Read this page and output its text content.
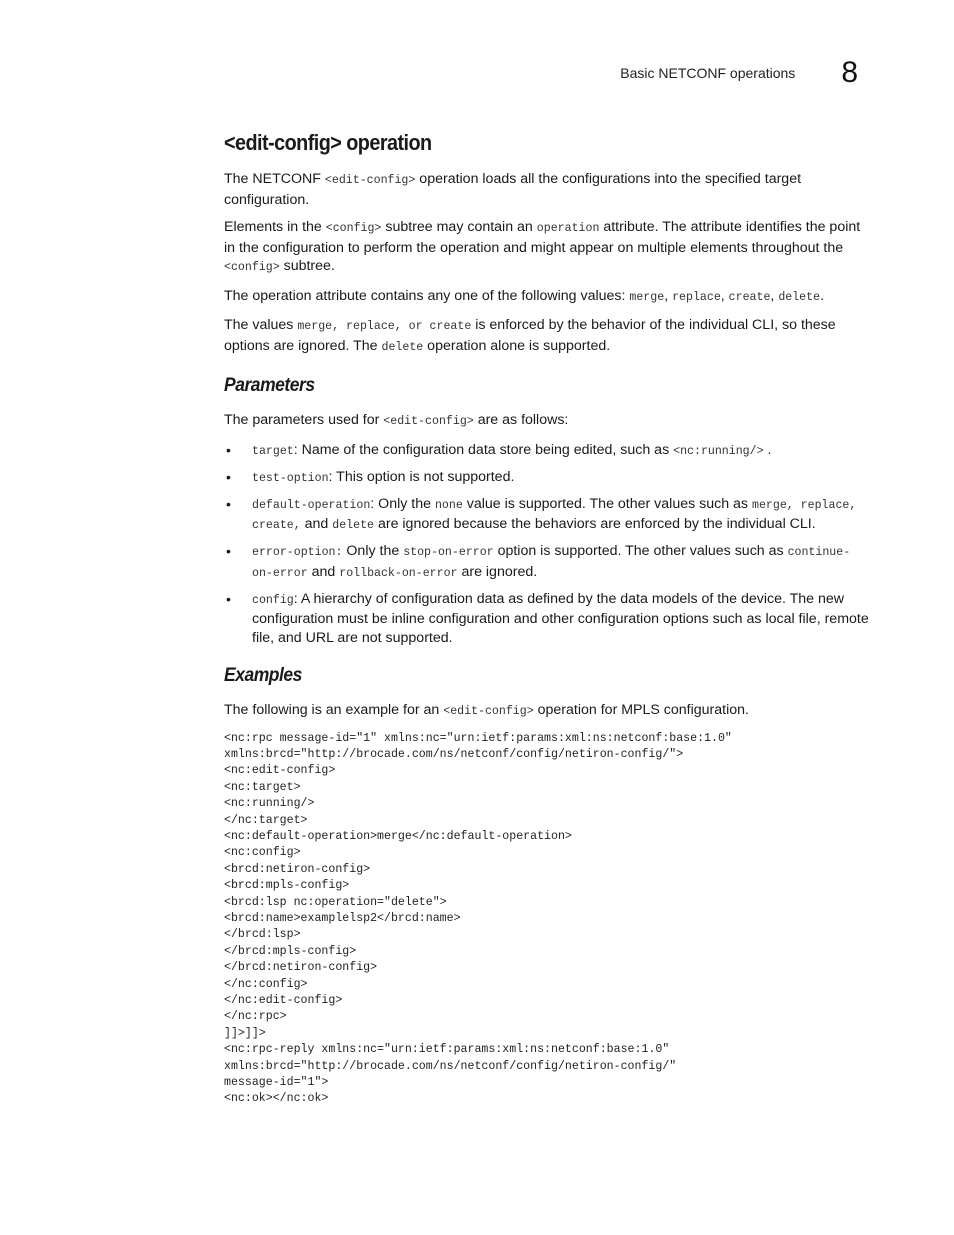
Basic NETCONF operations 8
<edit-config> operation

The NETCONF <edit-config> operation loads all the configurations into the specified target configuration.

Elements in the <config> subtree may contain an operation attribute. The attribute identifies the point in the configuration to perform the operation and might appear on multiple elements throughout the <config> subtree.

The operation attribute contains any one of the following values: merge, replace, create, delete.

The values merge, replace, or create is enforced by the behavior of the individual CLI, so these options are ignored. The delete operation alone is supported.

Parameters

The parameters used for <edit-config> are as follows:

• target: Name of the configuration data store being edited, such as <nc:running/> .
• test-option: This option is not supported.
• default-operation: Only the none value is supported. The other values such as merge, replace, create, and delete are ignored because the behaviors are enforced by the individual CLI.
• error-option: Only the stop-on-error option is supported. The other values such as continue-on-error and rollback-on-error are ignored.
• config: A hierarchy of configuration data as defined by the data models of the device. The new configuration must be inline configuration and other configuration options such as local file, remote file, and URL are not supported.
Examples

The following is an example for an <edit-config> operation for MPLS configuration.

<nc:rpc message-id="1" xmlns:nc="urn:ietf:params:xml:ns:netconf:base:1.0"
xmlns:brcd="http://brocade.com/ns/netconf/config/netiron-config/">
<nc:edit-config>
<nc:target>
<nc:running/>
</nc:target>
<nc:default-operation>merge</nc:default-operation>
<nc:config>
<brcd:netiron-config>
<brcd:mpls-config>
<brcd:lsp nc:operation="delete">
<brcd:name>examplelsp2</brcd:name>
</brcd:lsp>
</brcd:mpls-config>
</brcd:netiron-config>
</nc:config>
</nc:edit-config>
</nc:rpc>
]]>]]>
<nc:rpc-reply xmlns:nc="urn:ietf:params:xml:ns:netconf:base:1.0"
xmlns:brcd="http://brocade.com/ns/netconf/config/netiron-config/"
message-id="1">
<nc:ok></nc:ok>
